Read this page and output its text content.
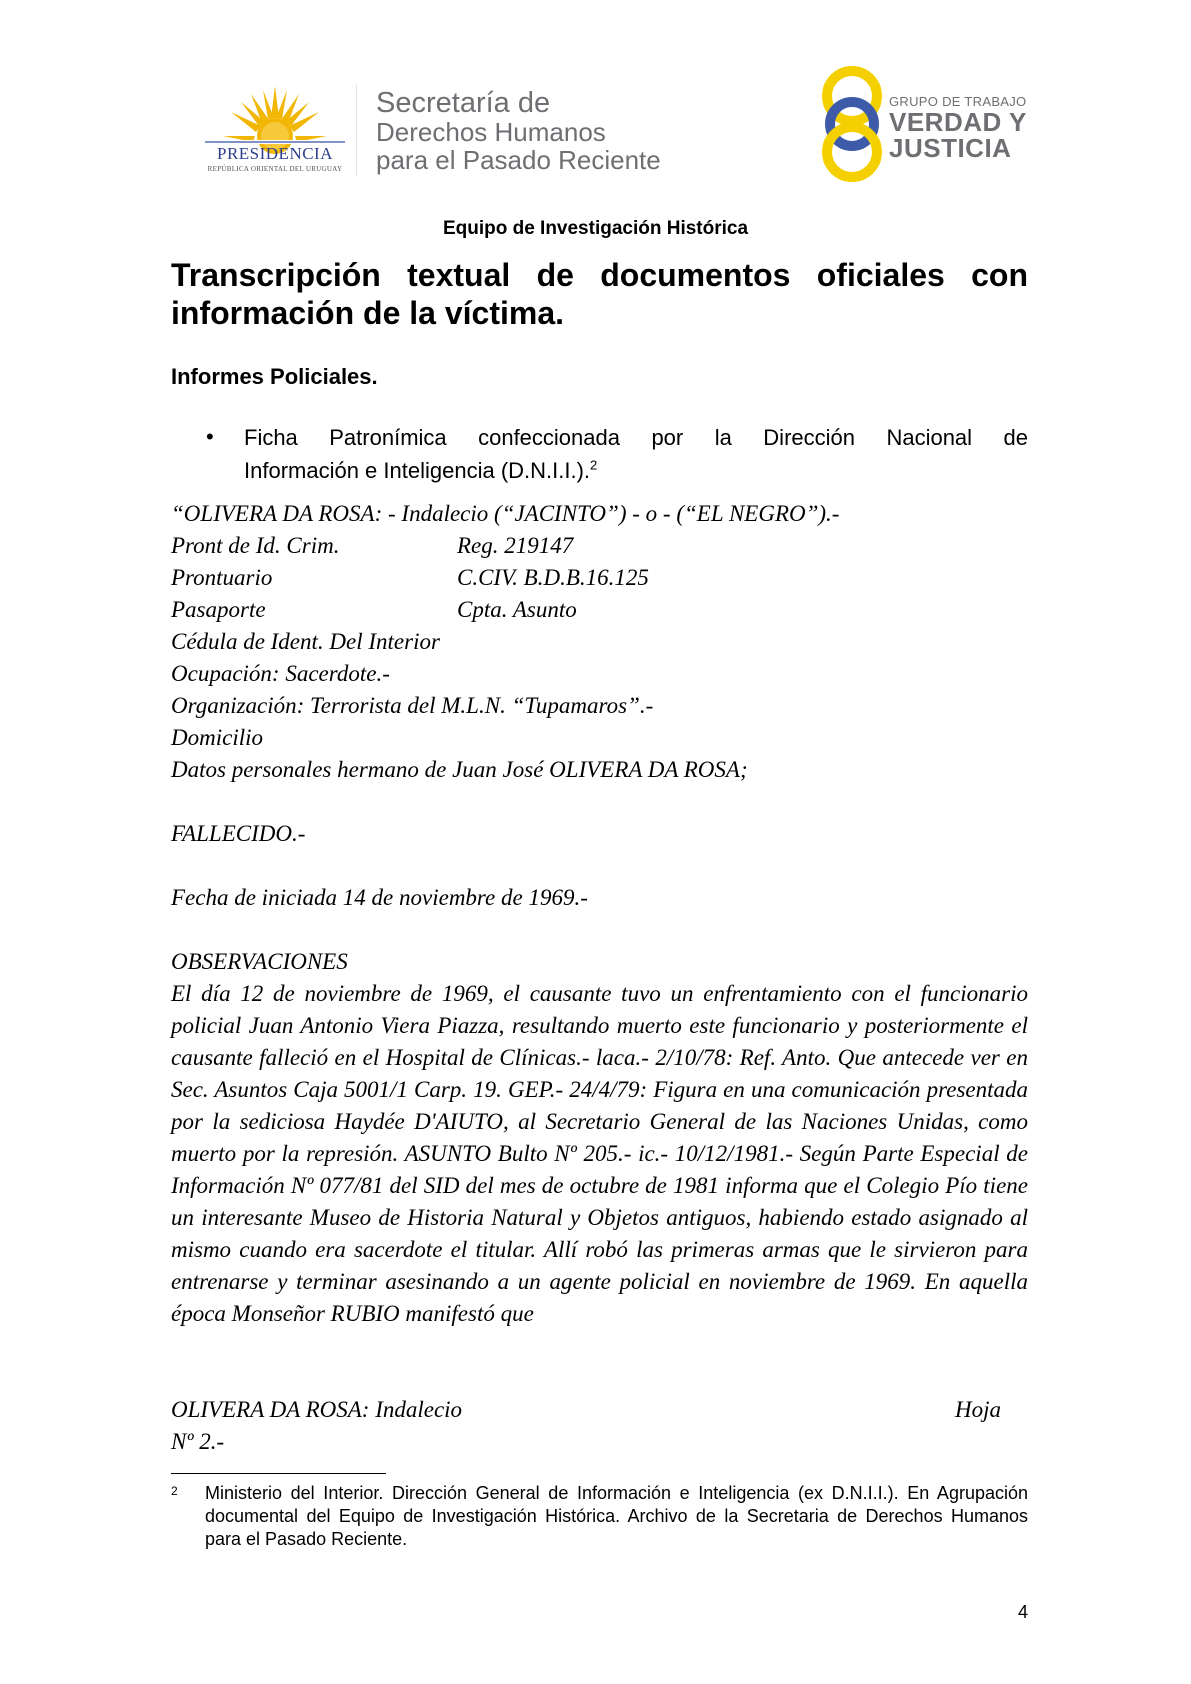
PRESIDENCIA
REPÚBLICA ORIENTAL DEL URUGUAY
Secretaría de
Derechos Humanos
para el Pasado Reciente
GRUPO DE TRABAJO
VERDAD Y
JUSTICIA
Equipo de Investigación Histórica
Transcripción textual de documentos oficiales con
información de la víctima.
Informes Policiales.
• Ficha Patronímica confeccionada por la Dirección Nacional de
Información e Inteligencia (D.N.I.I.).$^2$
“OLIVERA DA ROSA: - Indalecio (“JACINTO”) - o - (“EL NEGRO”).-
Pront de Id. Crim.	Reg. 219147
Prontuario	C.CIV. B.D.B.16.125
Pasaporte	Cpta. Asunto
Cédula de Ident. Del Interior
Ocupación: Sacerdote.-
Organización: Terrorista del M.L.N. “Tupamaros”.-
Domicilio
Datos personales hermano de Juan José OLIVERA DA ROSA;
FALLECIDO.-
Fecha de iniciada 14 de noviembre de 1969.-
OBSERVACIONES
El día 12 de noviembre de 1969, el causante tuvo un enfrentamiento con el funcionario policial Juan Antonio Viera Piazza, resultando muerto este funcionario y posteriormente el causante falleció en el Hospital de Clínicas.- laca.- 2/10/78: Ref. Anto. Que antecede ver en Sec. Asuntos Caja 5001/1 Carp. 19. GEP.- 24/4/79: Figura en una comunicación presentada por la sediciosa Haydée D'AIUTO, al Secretario General de las Naciones Unidas, como muerto por la represión. ASUNTO Bulto Nº 205.- ic.- 10/12/1981.- Según Parte Especial de Información Nº 077/81 del SID del mes de octubre de 1981 informa que el Colegio Pío tiene un interesante Museo de Historia Natural y Objetos antiguos, habiendo estado asignado al mismo cuando era sacerdote el titular. Allí robó las primeras armas que le sirvieron para entrenarse y terminar asesinando a un agente policial en noviembre de 1969. En aquella época Monseñor RUBIO manifestó que
OLIVERA DA ROSA: Indalecio	Hoja
Nº 2.-
2 Ministerio del Interior. Dirección General de Información e Inteligencia (ex D.N.I.I.). En Agrupación documental del Equipo de Investigación Histórica. Archivo de la Secretaria de Derechos Humanos para el Pasado Reciente.
4
